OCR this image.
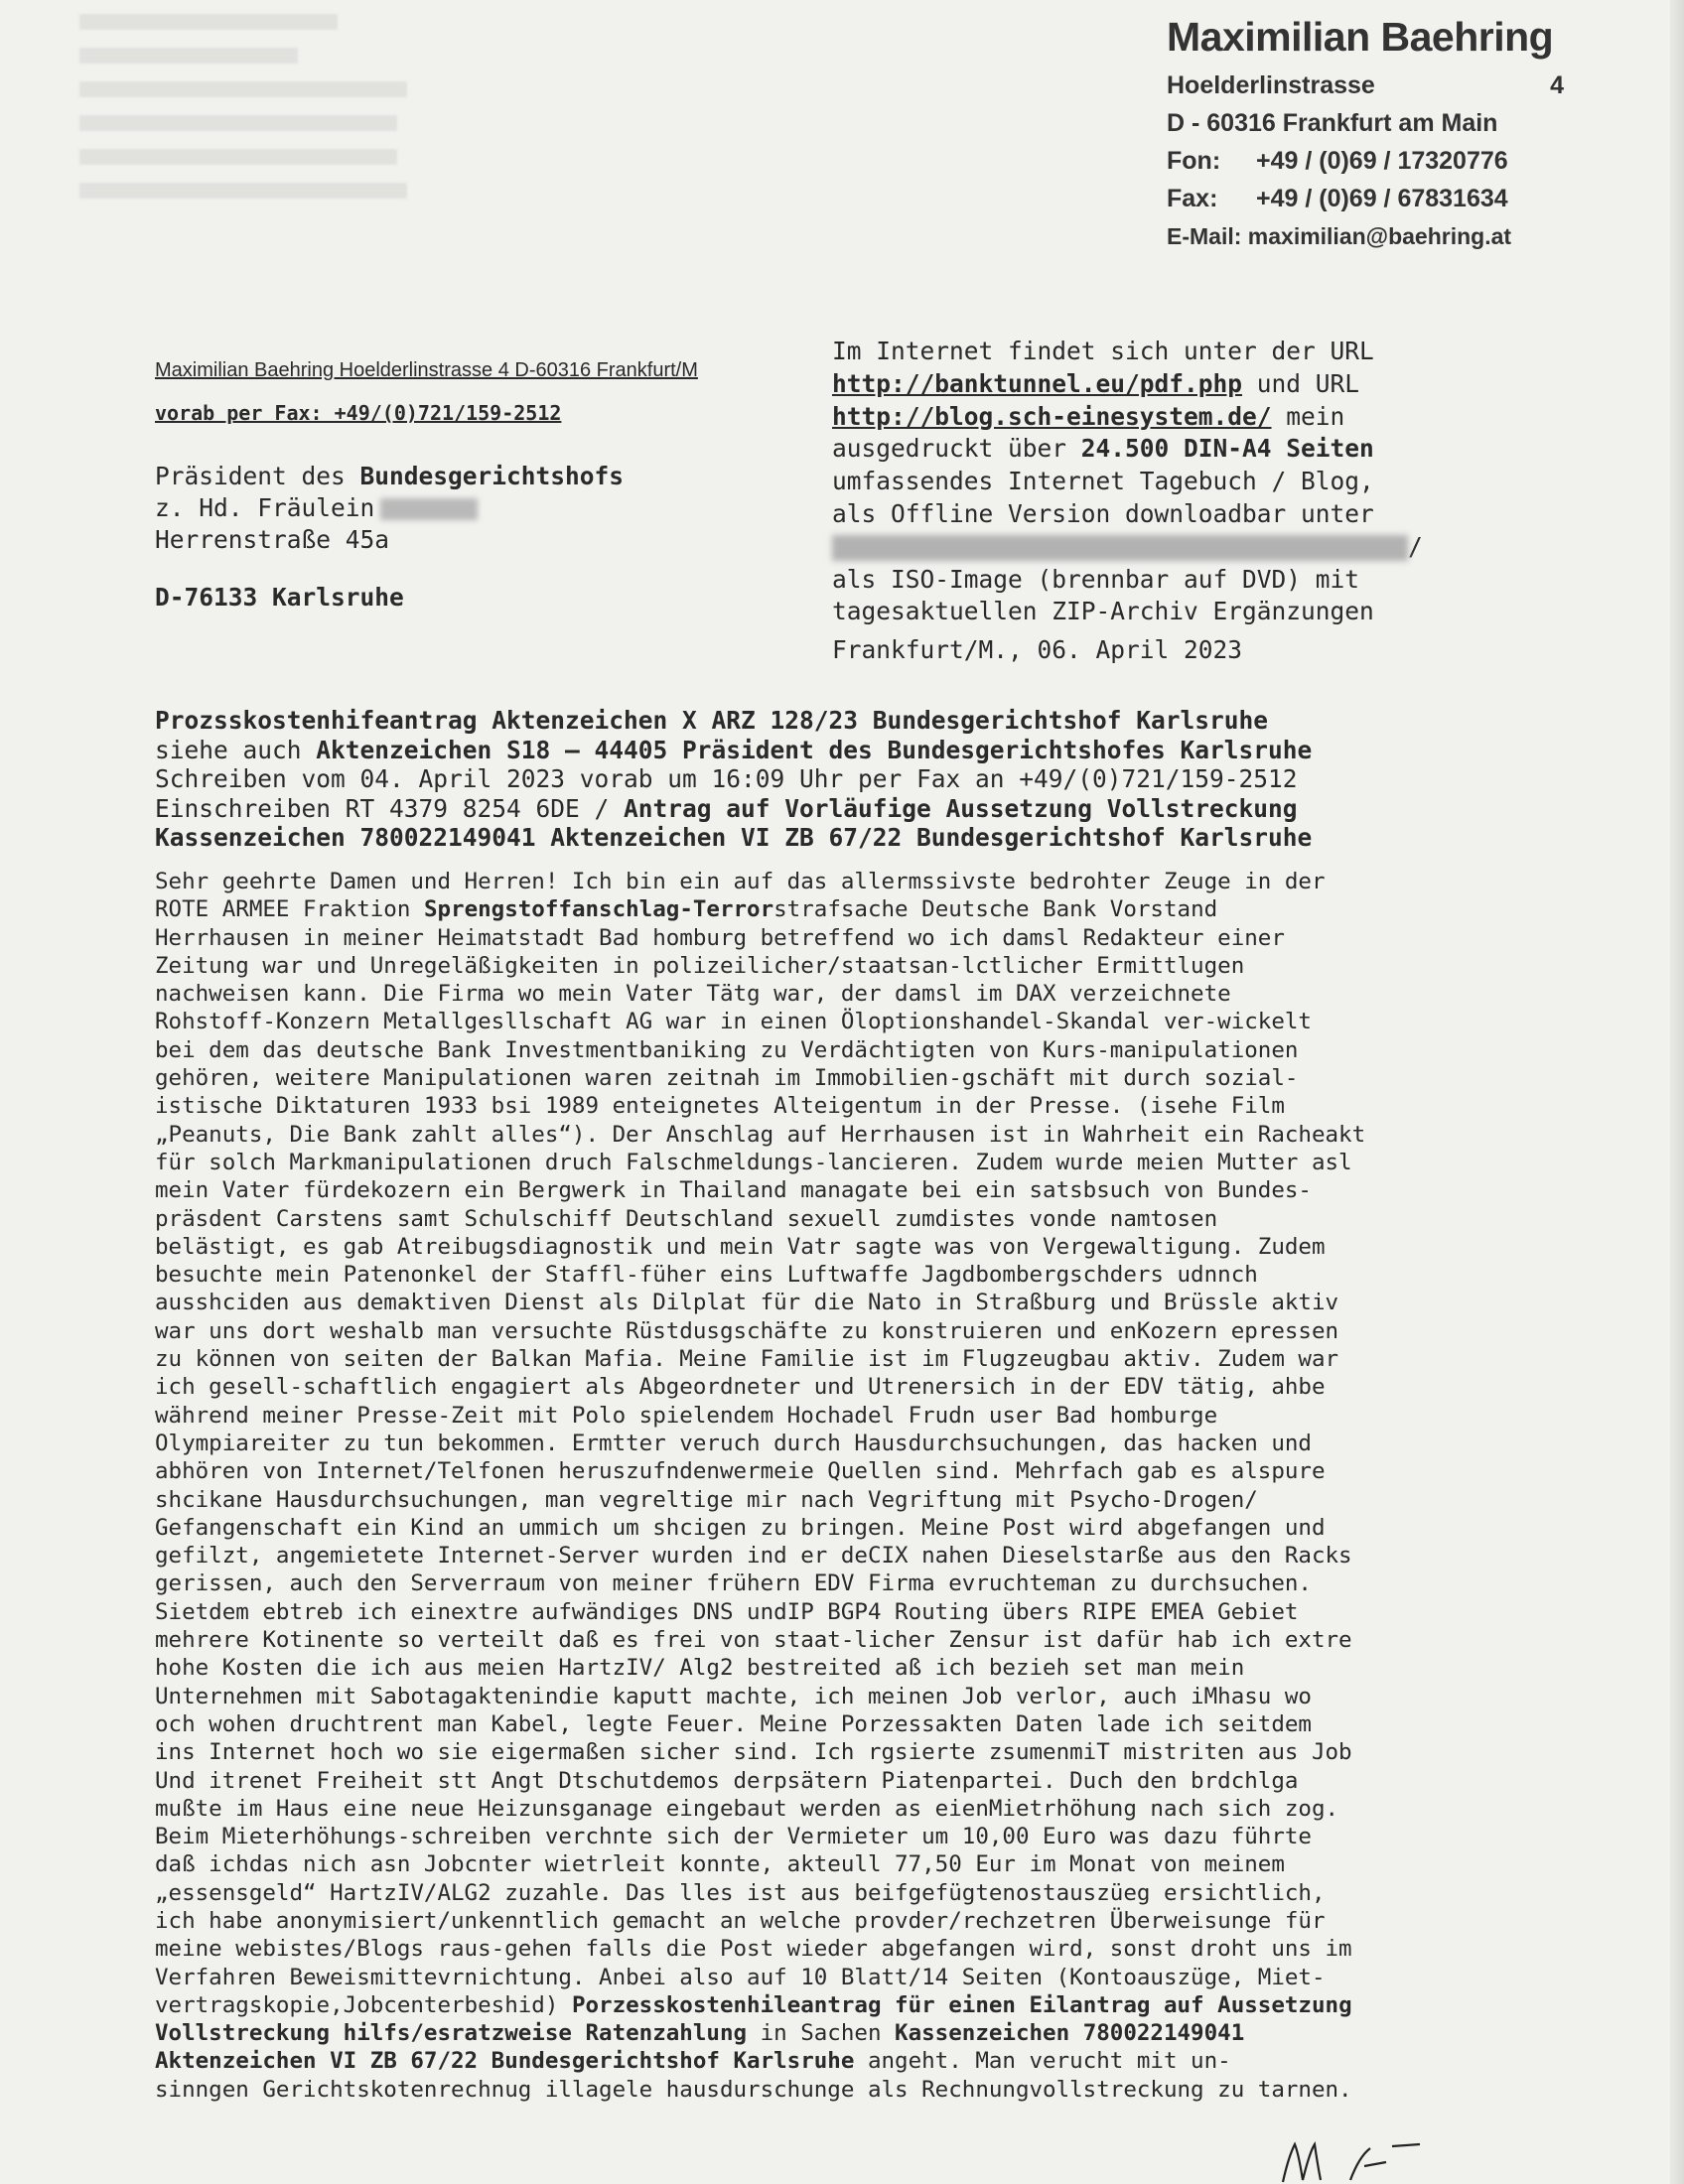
Maximilian Baehring
Hoelderlinstrasse	4
D - 60316 Frankfurt am Main
Fon: +49 / (0)69 / 17320776
Fax: +49 / (0)69 / 67831634
E-Mail: maximilian@baehring.at
Maximilian Baehring Hoelderlinstrasse 4 D-60316 Frankfurt/M
vorab per Fax: +49/(0)721/159-2512
Präsident des Bundesgerichtshofs
z. Hd. Fräulein
Herrenstraße 45a
D-76133 Karlsruhe
Im Internet findet sich unter der URL
http://banktunnel.eu/pdf.php und URL
http://blog.sch-einesystem.de/ mein
ausgedruckt über 24.500 DIN-A4 Seiten
umfassendes Internet Tagebuch / Blog,
als Offline Version downloadbar unter
/
als ISO-Image (brennbar auf DVD) mit
tagesaktuellen ZIP-Archiv Ergänzungen
Frankfurt/M., 06. April 2023
Prozsskostenhifeantrag Aktenzeichen X ARZ 128/23 Bundesgerichtshof Karlsruhe
siehe auch Aktenzeichen S18 – 44405 Präsident des Bundesgerichtshofes Karlsruhe
Schreiben vom 04. April 2023 vorab um 16:09 Uhr per Fax an +49/(0)721/159-2512
Einschreiben RT 4379 8254 6DE / Antrag auf Vorläufige Aussetzung Vollstreckung
Kassenzeichen 780022149041 Aktenzeichen VI ZB 67/22 Bundesgerichtshof Karlsruhe
Sehr geehrte Damen und Herren! Ich bin ein auf das allermssivste bedrohter Zeuge in der
ROTE ARMEE Fraktion Sprengstoffanschlag-Terrorstrafsache Deutsche Bank Vorstand
Herrhausen in meiner Heimatstadt Bad homburg betreffend wo ich damsl Redakteur einer
Zeitung war und Unregeläßigkeiten in polizeilicher/staatsan-lctlicher Ermittlugen
nachweisen kann. Die Firma wo mein Vater Tätg war, der damsl im DAX verzeichnete
Rohstoff-Konzern Metallgesllschaft AG war in einen Öloptionshandel-Skandal ver-wickelt
bei dem das deutsche Bank Investmentbaniking zu Verdächtigten von Kurs-manipulationen
gehören, weitere Manipulationen waren zeitnah im Immobilien-gschäft mit durch sozial-
istische Diktaturen 1933 bsi 1989 enteignetes Alteigentum in der Presse. (isehe Film
„Peanuts, Die Bank zahlt alles“). Der Anschlag auf Herrhausen ist in Wahrheit ein Racheakt
für solch Markmanipulationen druch Falschmeldungs-lancieren. Zudem wurde meien Mutter asl
mein Vater fürdekozern ein Bergwerk in Thailand managate bei ein satsbsuch von Bundes-
präsdent Carstens samt Schulschiff Deutschland sexuell zumdistes vonde namtosen
belästigt, es gab Atreibugsdiagnostik und mein Vatr sagte was von Vergewaltigung. Zudem
besuchte mein Patenonkel der Staffl-füher eins Luftwaffe Jagdbombergschders udnnch
ausshciden aus demaktiven Dienst als Dilplat für die Nato in Straßburg und Brüssle aktiv
war uns dort weshalb man versuchte Rüstdusgschäfte zu konstruieren und enKozern epressen
zu können von seiten der Balkan Mafia. Meine Familie ist im Flugzeugbau aktiv. Zudem war
ich gesell-schaftlich engagiert als Abgeordneter und Utrenersich in der EDV tätig, ahbe
während meiner Presse-Zeit mit Polo spielendem Hochadel Frudn user Bad homburge
Olympiareiter zu tun bekommen. Ermtter veruch durch Hausdurchsuchungen, das hacken und
abhören von Internet/Telfonen heruszufndenwermeie Quellen sind. Mehrfach gab es alspure
shcikane Hausdurchsuchungen, man vegreltige mir nach Vegriftung mit Psycho-Drogen/
Gefangenschaft ein Kind an ummich um shcigen zu bringen. Meine Post wird abgefangen und
gefilzt, angemietete Internet-Server wurden ind er deCIX nahen Dieselstarße aus den Racks
gerissen, auch den Serverraum von meiner frühern EDV Firma evruchteman zu durchsuchen.
Sietdem ebtreb ich einextre aufwändiges DNS undIP BGP4 Routing übers RIPE EMEA Gebiet
mehrere Kotinente so verteilt daß es frei von staat-licher Zensur ist dafür hab ich extre
hohe Kosten die ich aus meien HartzIV/ Alg2 bestreited aß ich bezieh set man mein
Unternehmen mit Sabotagaktenindie kaputt machte, ich meinen Job verlor, auch iMhasu wo
och wohen druchtrent man Kabel, legte Feuer. Meine Porzessakten Daten lade ich seitdem
ins Internet hoch wo sie eigermaßen sicher sind. Ich rgsierte zsumenmiT mistriten aus Job
Und itrenet Freiheit stt Angt Dtschutdemos derpsätern Piatenpartei. Duch den brdchlga
mußte im Haus eine neue Heizunsganage eingebaut werden as eienMietrhöhung nach sich zog.
Beim Mieterhöhungs-schreiben verchnte sich der Vermieter um 10,00 Euro was dazu führte
daß ichdas nich asn Jobcnter wietrleit konnte, akteull 77,50 Eur im Monat von meinem
„essensgeld“ HartzIV/ALG2 zuzahle. Das lles ist aus beifgefügtenostauszüeg ersichtlich,
ich habe anonymisiert/unkenntlich gemacht an welche provder/rechzetren Überweisunge für
meine webistes/Blogs raus-gehen falls die Post wieder abgefangen wird, sonst droht uns im
Verfahren Beweismittevrnichtung. Anbei also auf 10 Blatt/14 Seiten (Kontoauszüge, Miet-
vertragskopie,Jobcenterbeshid) Porzesskostenhileantrag für einen Eilantrag auf Aussetzung
Vollstreckung hilfs/esratzweise Ratenzahlung in Sachen Kassenzeichen 780022149041
Aktenzeichen VI ZB 67/22 Bundesgerichtshof Karlsruhe angeht. Man verucht mit un-
sinngen Gerichtskotenrechnug illagele hausdurschunge als Rechnungvollstreckung zu tarnen.
